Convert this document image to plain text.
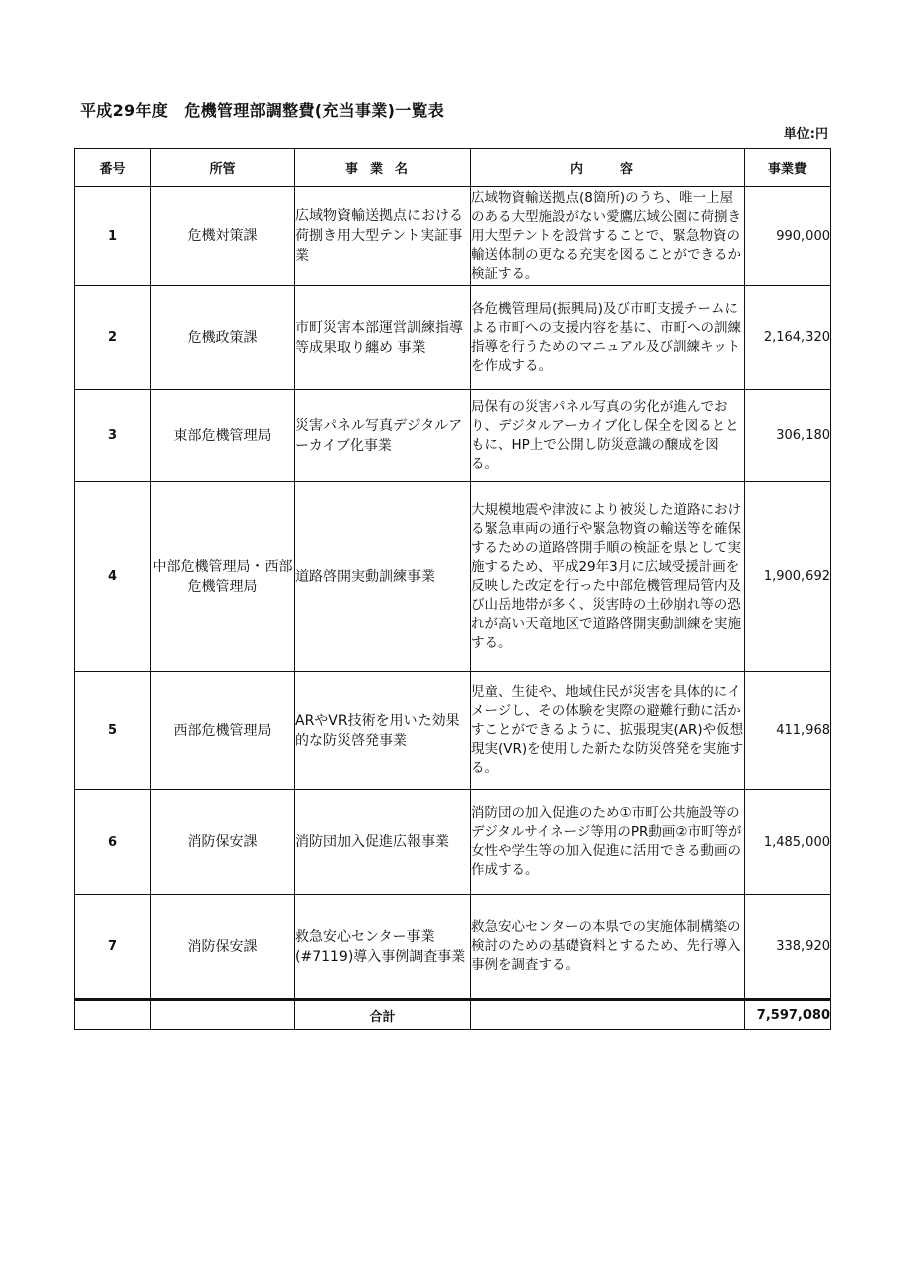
平成29年度　危機管理部調整費(充当事業)一覧表
単位:円
番号	所管	事業名	内　容	事業費
1	危機対策課	広域物資輸送拠点における荷捌き用大型テント実証事業	広域物資輸送拠点(8箇所)のうち、唯一上屋のある大型施設がない愛鷹広域公園に荷捌き用大型テントを設営することで、緊急物資の輸送体制の更なる充実を図ることができるか検証する。	990,000
2	危機政策課	市町災害本部運営訓練指導等成果取り纏め 事業	各危機管理局(振興局)及び市町支援チームによる市町への支援内容を基に、市町への訓練指導を行うためのマニュアル及び訓練キットを作成する。	2,164,320
3	東部危機管理局	災害パネル写真デジタルアーカイブ化事業	局保有の災害パネル写真の劣化が進んでおり、デジタルアーカイブ化し保全を図るとともに、HP上で公開し防災意識の醸成を図る。	306,180
4	中部危機管理局・西部危機管理局	道路啓開実動訓練事業	大規模地震や津波により被災した道路における緊急車両の通行や緊急物資の輸送等を確保するための道路啓開手順の検証を県として実施するため、平成29年3月に広域受援計画を反映した改定を行った中部危機管理局管内及び山岳地帯が多く、災害時の土砂崩れ等の恐れが高い天竜地区で道路啓開実動訓練を実施する。	1,900,692
5	西部危機管理局	ARやVR技術を用いた効果的な防災啓発事業	児童、生徒や、地域住民が災害を具体的にイメージし、その体験を実際の避難行動に活かすことができるように、拡張現実(AR)や仮想現実(VR)を使用した新たな防災啓発を実施する。	411,968
6	消防保安課	消防団加入促進広報事業	消防団の加入促進のため①市町公共施設等のデジタルサイネージ等用のPR動画②市町等が女性や学生等の加入促進に活用できる動画の作成する。	1,485,000
7	消防保安課	救急安心センター事業(#7119)導入事例調査事業	救急安心センターの本県での実施体制構築の検討のための基礎資料とするため、先行導入事例を調査する。	338,920
		合計		7,597,080
